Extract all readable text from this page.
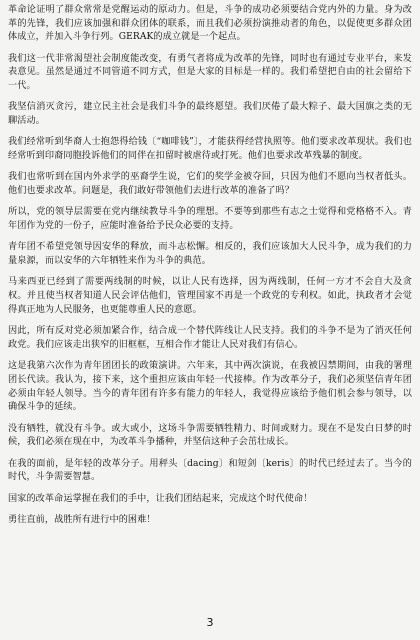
革命论证明了群众常常是党醒运动的原动力。但是，斗争的成功必须要结合党内外的力量。身为改革的先锋，我们应该加强和群众团体的联系，而且我们必须扮演推动者的角色，以促使更多群众团体成立，并加入斗争行列。GERAK的成立就是一个起点。

我们这一代非常渴望社会制度能改变，有勇气者将成为改革的先锋，同时也有通过专业平台，来发表意见。虽然是通过不同管道不同方式，但是大家的目标是一样的。我们希望把自由的社会留给下一代。

我坚信消灭贪污，建立民主社会是我们斗争的最终愿望。我们厌倦了最大粽子、最大国旗之类的无聊活动。

我们经常听到华裔人士抱怨得给钱〔“咖啡钱”〕，才能获得经营执照等。他们要求改革现状。我们也经常听到印裔同胞投诉他们的同伴在扣留时被虐待或打死。他们也要求改革残暴的制度。

我们也常听到在国内外求学的巫裔学生说，它们的奖学金被夺回，只因为他们不愿向当权者低头。他们也要求改革。问题是，我们敢好带领他们去进行改革的准备了吗？

所以，党的领导层需要在党内继续教导斗争的理想。不要等到那些有志之士觉得和党格格不入。青年团作为党的一份子，应能时准备给予民众必要的支持。

青年团不希望党领导因安华的释放，而斗志松懈。相反的，我们应该加大人民斗争，成为我们的力量泉源，而以安华的六年牺牲来作为斗争的典范。

马来西亚已经到了需要两线制的时候，以让人民有选择，因为两线制，任何一方才不会自大及贪权。并且使当权者知道人民会评估他们，管理国家不再是一个政党的专利权。如此，执政者才会觉得真正地为人民服务，也更能尊重人民的意愿。

因此，所有反对党必须加紧合作，结合成一个替代阵线让人民支持。我们的斗争不是为了消灭任何政党。我们应该走出狭窄的旧框框，互相合作才能让人民对我们有信心。

这是我第六次作为青年团团长的政策演讲。六年来，其中两次演说，在我被囚禁期间，由我的署理团长代读。我认为，接下来，这个重担应该由年轻一代接棒。作为改革分子，我们必须坚信青年团必须由年轻人领导。当今的青年团有许多有能力的年轻人，我觉得应该给予他们机会参与领导，以确保斗争的延续。

没有牺牲，就没有斗争。或大或小，这场斗争需要牺牲精力、时间或财力。现在不是发白日梦的时候，我们必须在现在中，为改革斗争播种，并坚信这种子会茁壮成长。

在我的面前，是年轻的改革分子。用秤头〔dacing〕和短剑〔keris〕的时代已经过去了。当今的时代，斗争需要智慧。

国家的改革命运掌握在我们的手中，让我们团结起来，完成这个时代使命！

勇往直前，战胜所有进行中的困难！

3
